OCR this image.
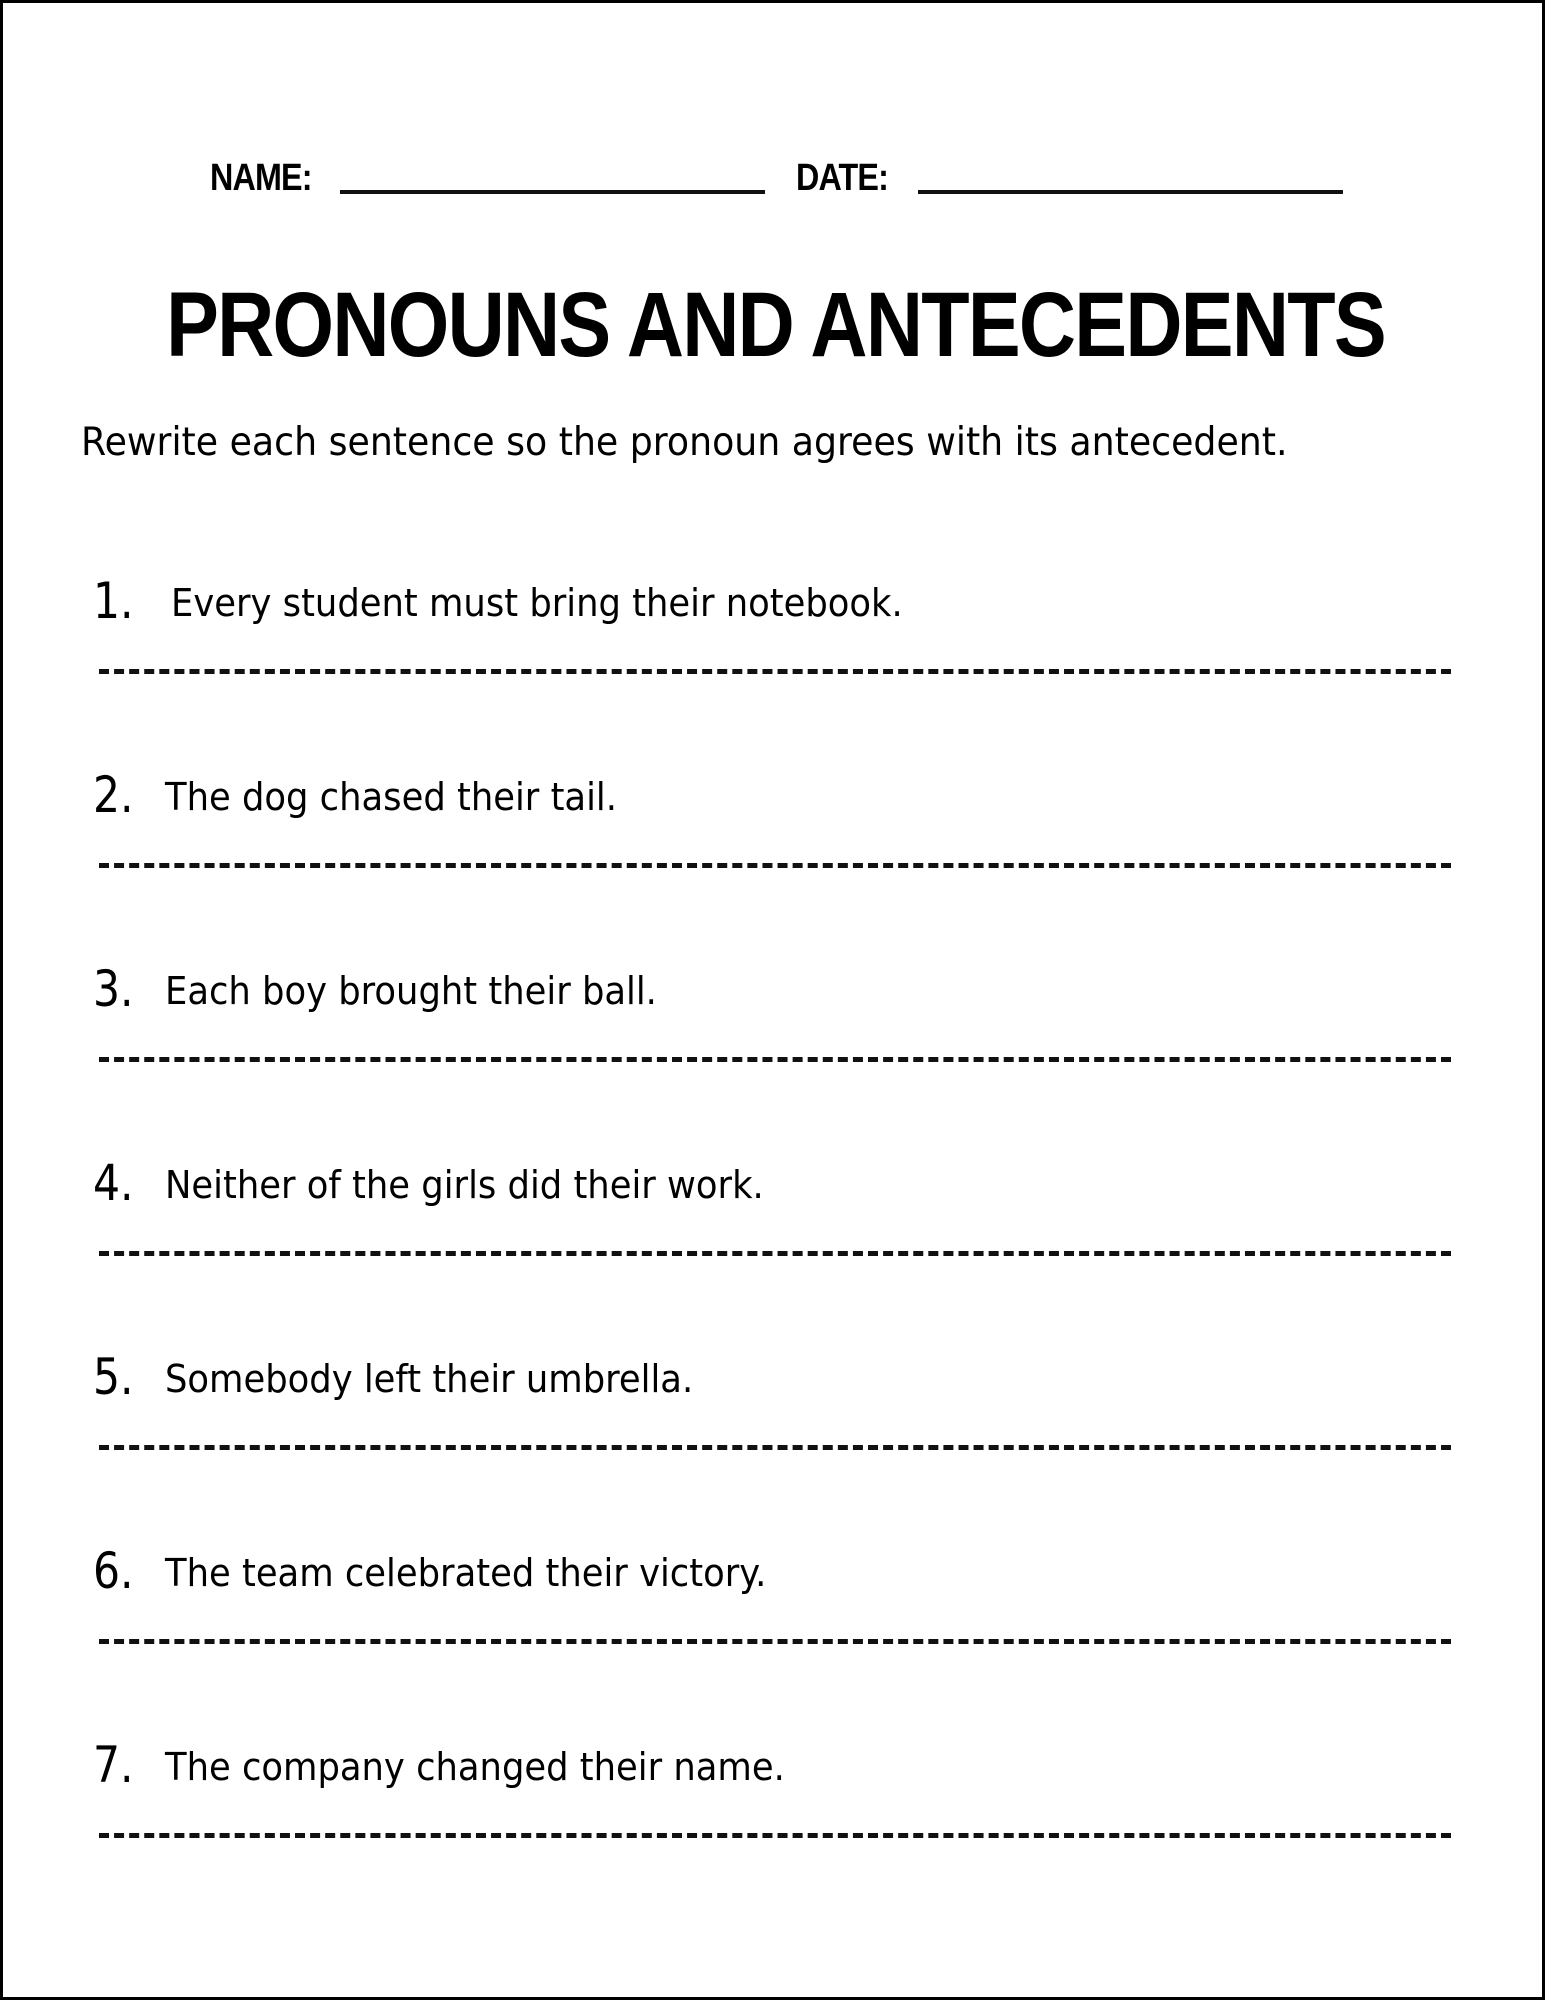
NAME:	DATE:
PRONOUNS AND ANTECEDENTS
Rewrite each sentence so the pronoun agrees with its antecedent.
1. Every student must bring their notebook.
2. The dog chased their tail.
3. Each boy brought their ball.
4. Neither of the girls did their work.
5. Somebody left their umbrella.
6. The team celebrated their victory.
7. The company changed their name.
